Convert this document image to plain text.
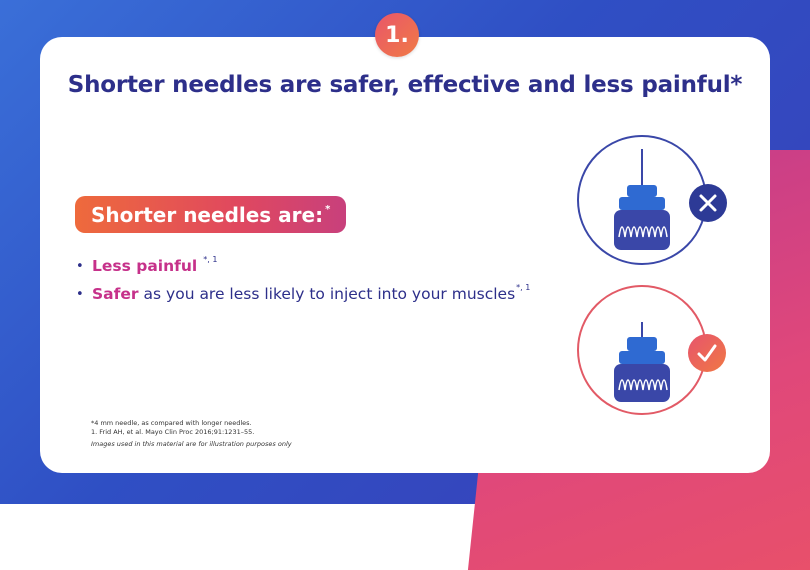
1.
Shorter needles are safer, effective and less painful*
Shorter needles are:*
• Less painful $^{*, 1}$
• Safer as you are less likely to inject into your muscles$^{*, 1}$
*4 mm needle, as compared with longer needles.
1. Frid AH, et al. Mayo Clin Proc 2016;91:1231–55.
Images used in this material are for illustration purposes only
